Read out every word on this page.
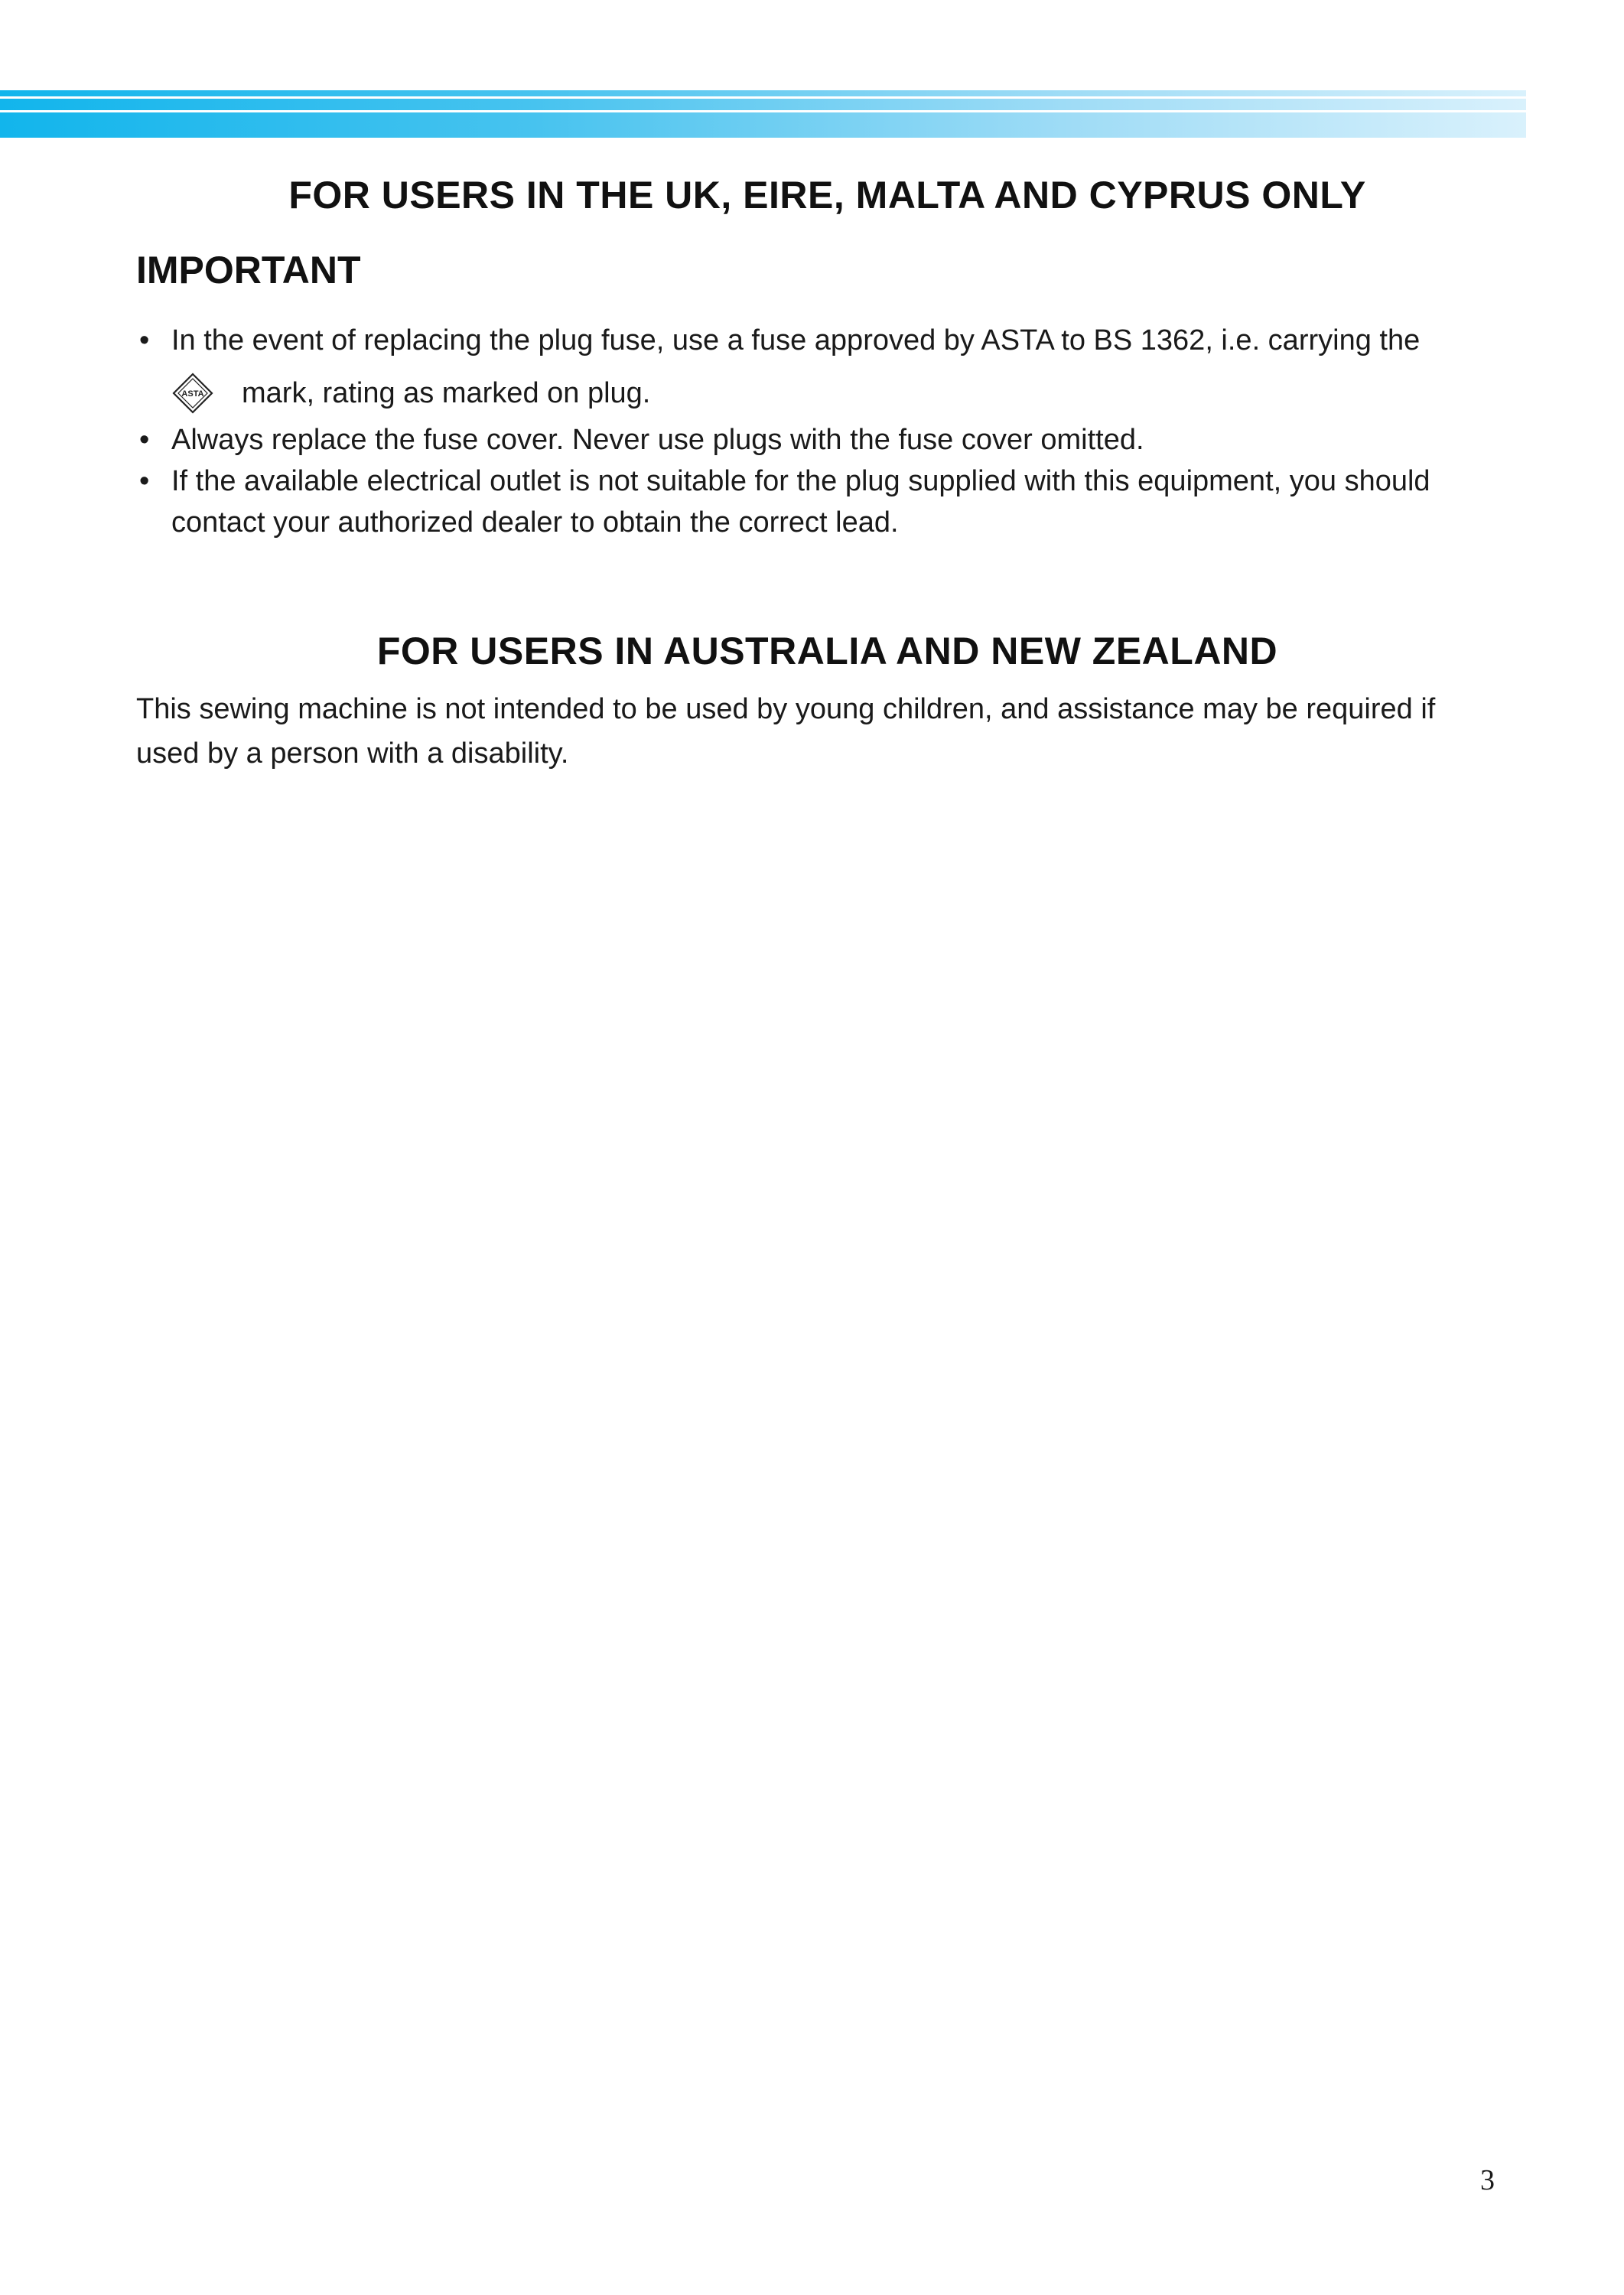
FOR USERS IN THE UK, EIRE, MALTA AND CYPRUS ONLY
IMPORTANT
• In the event of replacing the plug fuse, use a fuse approved by ASTA to BS 1362, i.e. carrying the
ASTA mark, rating as marked on plug.
• Always replace the fuse cover. Never use plugs with the fuse cover omitted.
• If the available electrical outlet is not suitable for the plug supplied with this equipment, you should contact your authorized dealer to obtain the correct lead.
FOR USERS IN AUSTRALIA AND NEW ZEALAND

This sewing machine is not intended to be used by young children, and assistance may be required if used by a person with a disability.

3
